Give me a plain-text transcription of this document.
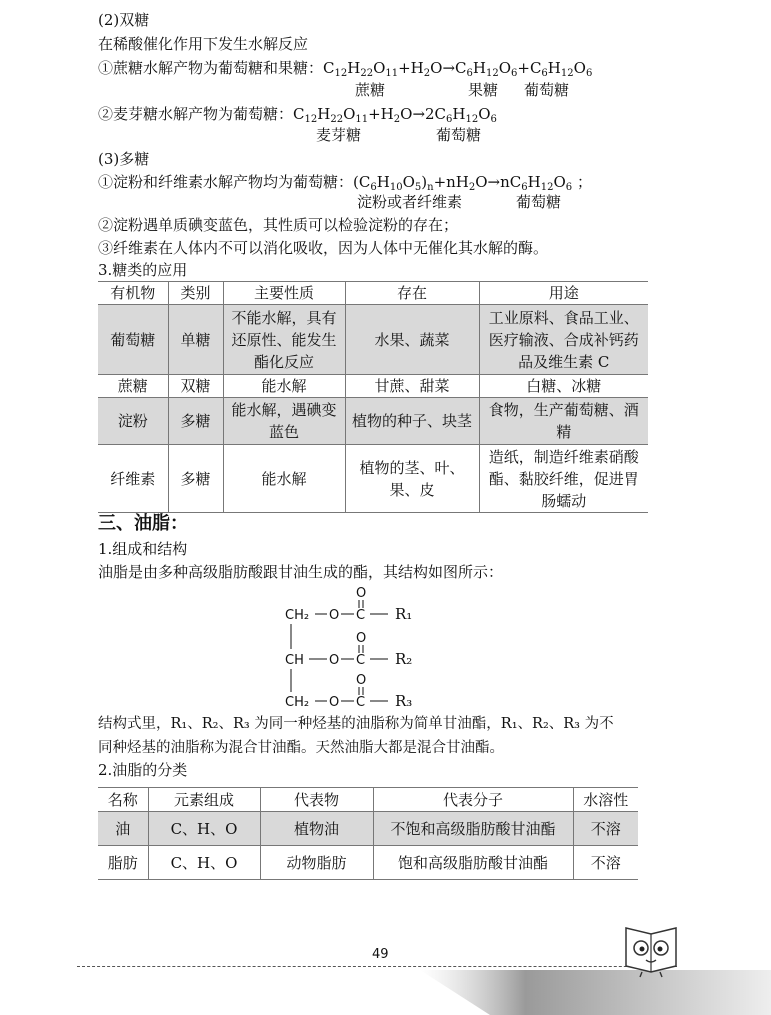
(2)双糖
在稀酸催化作用下发生水解反应
①蔗糖水解产物为葡萄糖和果糖：$C_{12}H_{22}O_{11}+H_2O\to C_6H_{12}O_6+C_6H_{12}O_6$
蔗糖	果糖 葡萄糖
②麦芽糖水解产物为葡萄糖：$C_{12}H_{22}O_{11}+H_2O\to 2C_6H_{12}O_6$
麦芽糖	葡萄糖
(3)多糖
①淀粉和纤维素水解产物均为葡萄糖：$(C_6H_{10}O_5)_n+nH_2O\to nC_6H_{12}O_6$ ；
淀粉或者纤维素	葡萄糖
②淀粉遇单质碘变蓝色，其性质可以检验淀粉的存在；
③纤维素在人体内不可以消化吸收，因为人体中无催化其水解的酶。
3.糖类的应用
有机物	类别	主要性质	存在	用途
葡萄糖	单糖	不能水解，具有还原性、能发生酯化反应	水果、蔬菜	工业原料、食品工业、医疗输液、合成补钙药品及维生素 C
蔗糖	双糖	能水解	甘蔗、甜菜	白糖、冰糖
淀粉	多糖	能水解，遇碘变蓝色	植物的种子、块茎	食物，生产葡萄糖、酒精
纤维素	多糖	能水解	植物的茎、叶、果、皮	造纸，制造纤维素硝酸酯、黏胶纤维，促进胃肠蠕动
三、油脂：
1.组成和结构
油脂是由多种高级脂肪酸跟甘油生成的酯，其结构如图所示：
CH₂ O C
O
R₁
CH O C
O
R₂
CH₂ O C
O
R₃
结构式里，R₁、R₂、R₃ 为同一种烃基的油脂称为简单甘油酯，R₁、R₂、R₃ 为不
同种烃基的油脂称为混合甘油酯。天然油脂大都是混合甘油酯。
2.油脂的分类
名称	元素组成	代表物	代表分子	水溶性
油	C、H、O	植物油	不饱和高级脂肪酸甘油酯	不溶
脂肪	C、H、O	动物脂肪	饱和高级脂肪酸甘油酯	不溶
49
